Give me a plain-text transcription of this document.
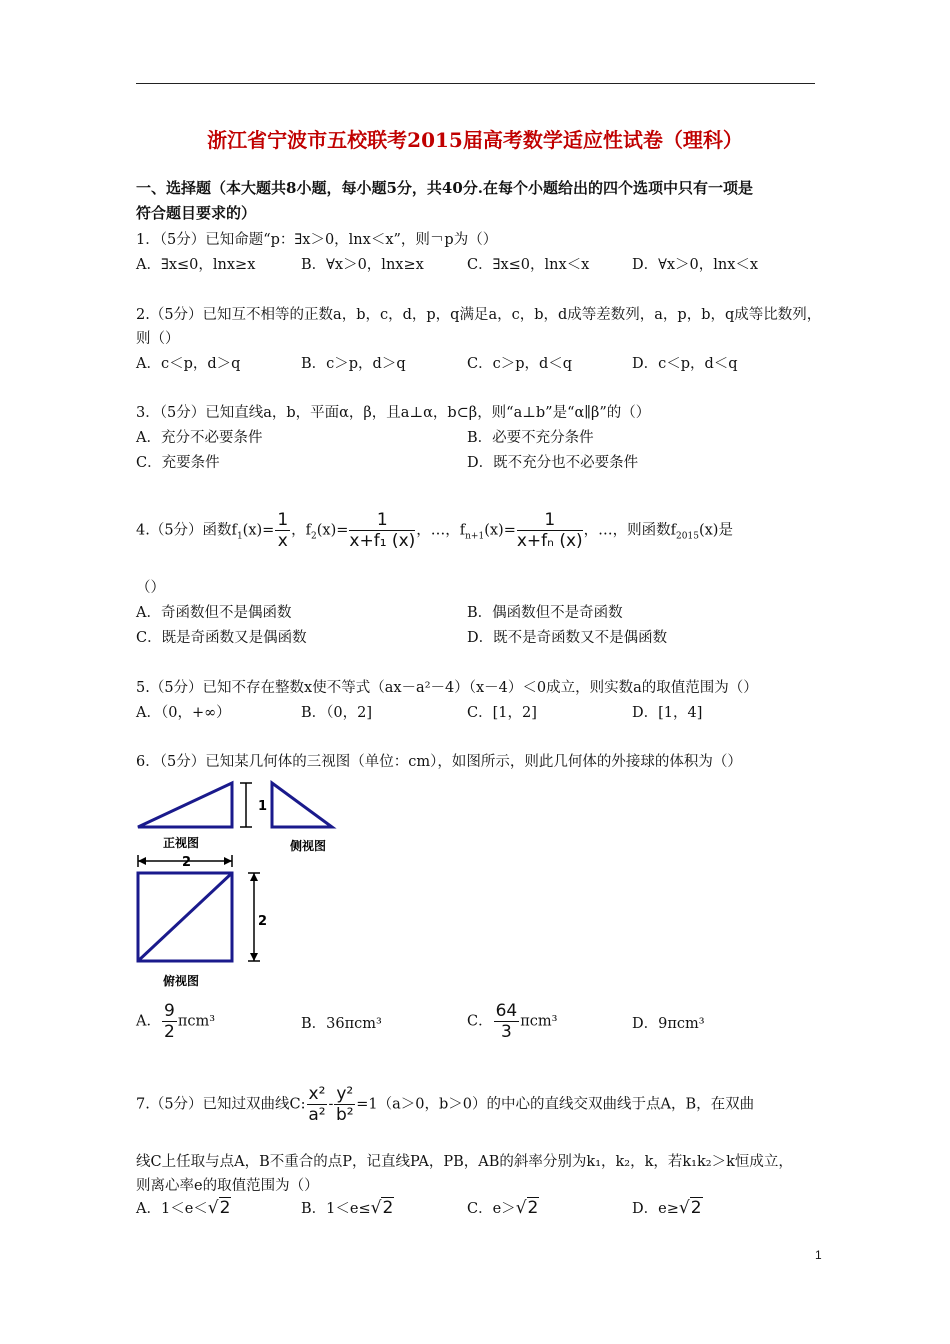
浙江省宁波市五校联考2015届高考数学适应性试卷（理科）
一、选择题（本大题共8小题，每小题5分，共40分.在每个小题给出的四个选项中只有一项是
符合题目要求的）
1．（5分）已知命题“p：∃x＞0，lnx＜x”，则￢p为（）
A．∃x≤0，lnx≥x	B．∀x＞0，lnx≥x	C．∃x≤0，lnx＜x	D．∀x＞0，lnx＜x
2.（5分）已知互不相等的正数a，b，c，d，p，q满足a，c，b，d成等差数列，a，p，b，q成等比数列，
则（）
A．c＜p，d＞q	B．c＞p，d＞q	C．c＞p，d＜q	D．c＜p，d＜q
3．（5分）已知直线a，b，平面α，β，且a⊥α，b⊂β，则“a⊥b”是“α∥β”的（）
A．充分不必要条件	B．必要不充分条件
C．充要条件	D．既不充分也不必要条件
4.（5分）函数$f_1(x)= \frac{1}{x}$ ，$f_2(x)= \frac{1}{\text{x+f₁ (x)}}$ ，…，$f_{n+1}(x)= \frac{1}{\text{x+fₙ (x)}}$ ，…，则函数$f_{2015}(x)$是
（）
A．奇函数但不是偶函数	B．偶函数但不是奇函数
C．既是奇函数又是偶函数	D．既不是奇函数又不是偶函数
5.（5分）已知不存在整数x使不等式（ax－a²－4）（x－4）＜0成立，则实数a的取值范围为（）
A．（0，+∞）	B．（0，2]	C．[1，2]	D．[1，4]
6．（5分）已知某几何体的三视图（单位：cm），如图所示，则此几何体的外接球的体积为（）
1
正视图	侧视图
2
2
俯视图
A． $\frac{9}{2} \pi cm^3$	B．36πcm³	C． $\frac{64}{3} \pi cm^3$	D．9πcm³
7.（5分）已知过双曲线C: $\frac{\text{x²}}{\text{a²}} - \frac{\text{y²}}{\text{b²}} =1(a>0$，b＞0）的中心的直线交双曲线于点A，B，在双曲
线C上任取与点A，B不重合的点P，记直线PA，PB，AB的斜率分别为k₁，k₂，k，若k₁k₂＞k恒成立，
则离心率e的取值范围为（）
A．1＜e＜√2	B．1＜e≤√2	C．e＞√2	D．e≥√2
1
